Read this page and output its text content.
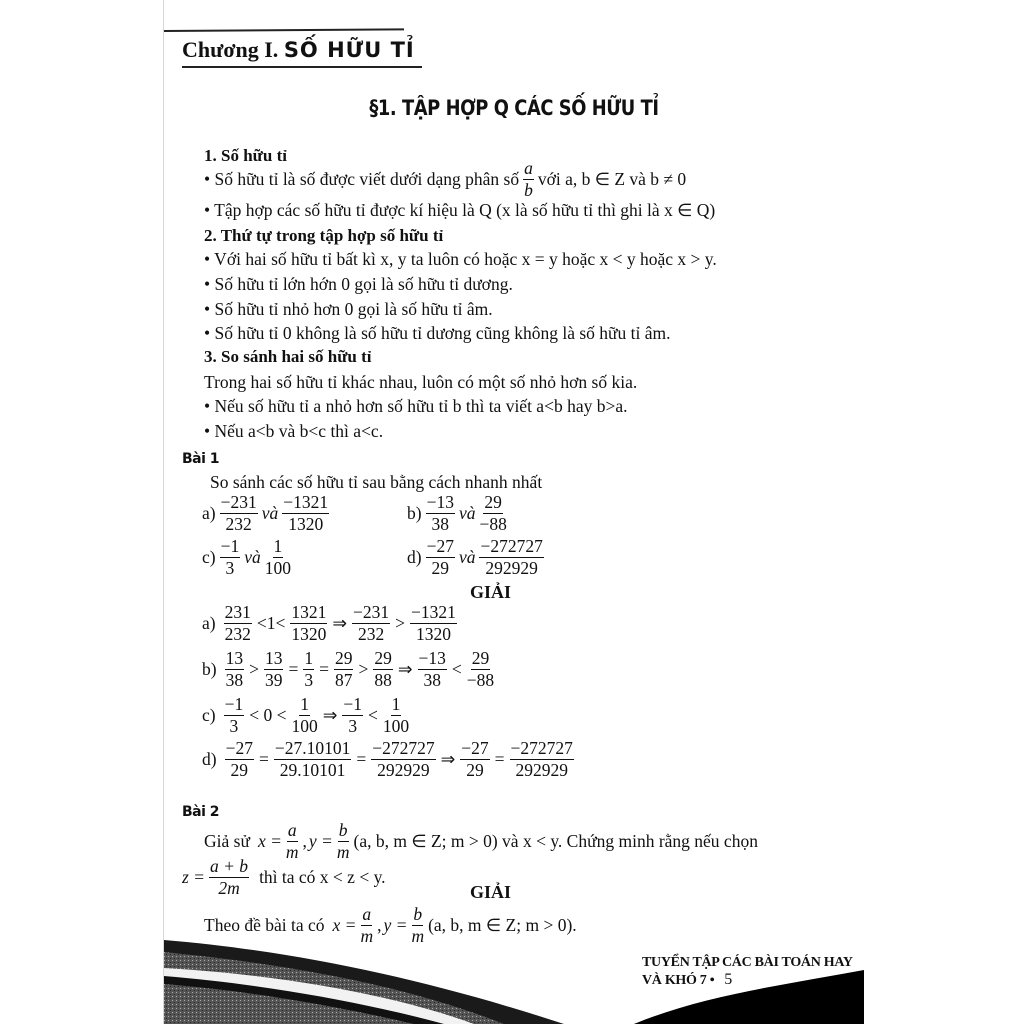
Chương I. SỐ HỮU TỈ
§1. TẬP HỢP Q CÁC SỐ HỮU TỈ
1. Số hữu tỉ
• Số hữu tỉ là số được viết dưới dạng phân số $\frac{a}{b}$ với a, b ∈ Z và b ≠ 0
• Tập hợp các số hữu tỉ được kí hiệu là Q (x là số hữu tỉ thì ghi là x ∈ Q)
2. Thứ tự trong tập hợp số hữu tỉ
• Với hai số hữu tỉ bất kì x, y ta luôn có hoặc x = y hoặc x < y hoặc x > y.
• Số hữu tỉ lớn hớn 0 gọi là số hữu tỉ dương.
• Số hữu tỉ nhỏ hơn 0 gọi là số hữu tỉ âm.
• Số hữu tỉ 0 không là số hữu tỉ dương cũng không là số hữu tỉ âm.
3. So sánh hai số hữu tỉ
Trong hai số hữu tỉ khác nhau, luôn có một số nhỏ hơn số kia.
• Nếu số hữu tỉ a nhỏ hơn số hữu tỉ b thì ta viết a<b hay b>a.
• Nếu a<b và b<c thì a<c.
Bài 1
So sánh các số hữu tỉ sau bằng cách nhanh nhất
$a) \frac{-231}{232}$ và $\frac{-1321}{1320}$	$b) \frac{-13}{38}$ và $\frac{29}{-88}$
$c) \frac{-1}{3}$ và $\frac{1}{100}$	$d) \frac{-27}{29}$ và $\frac{-272727}{292929}$
GIẢI
$a) \frac{231}{232} <1< \frac{1321}{1320}$ ⇒ $\frac{-231}{232} > \frac{-1321}{1320}$
$b) \frac{13}{38} > \frac{13}{39} = \frac{1}{3} = \frac{29}{87} > \frac{29}{88}$ ⇒ $\frac{-13}{38} < \frac{29}{-88}$
$c) \frac{-1}{3} < 0 < \frac{1}{100}$ ⇒ $\frac{-1}{3} < \frac{1}{100}$
$d) \frac{-27}{29} = \frac{-27.10101}{29.10101} = \frac{-272727}{292929}$ ⇒ $\frac{-27}{29} = \frac{-272727}{292929}$
Bài 2
Giả sử $x = \frac{a}{m}$ , $y = \frac{b}{m} (a$, b, m ∈ Z; m > 0) và x < y. Chứng minh rằng nếu chọn
$z = \frac{a + b}{2m}$ thì ta có x < z < y.
GIẢI
Theo đề bài ta có $x = \frac{a}{m}$ , $y = \frac{b}{m} (a$, b, m ∈ Z; m > 0).
TUYỂN TẬP CÁC BÀI TOÁN HAY VÀ KHÓ 7 • 5
